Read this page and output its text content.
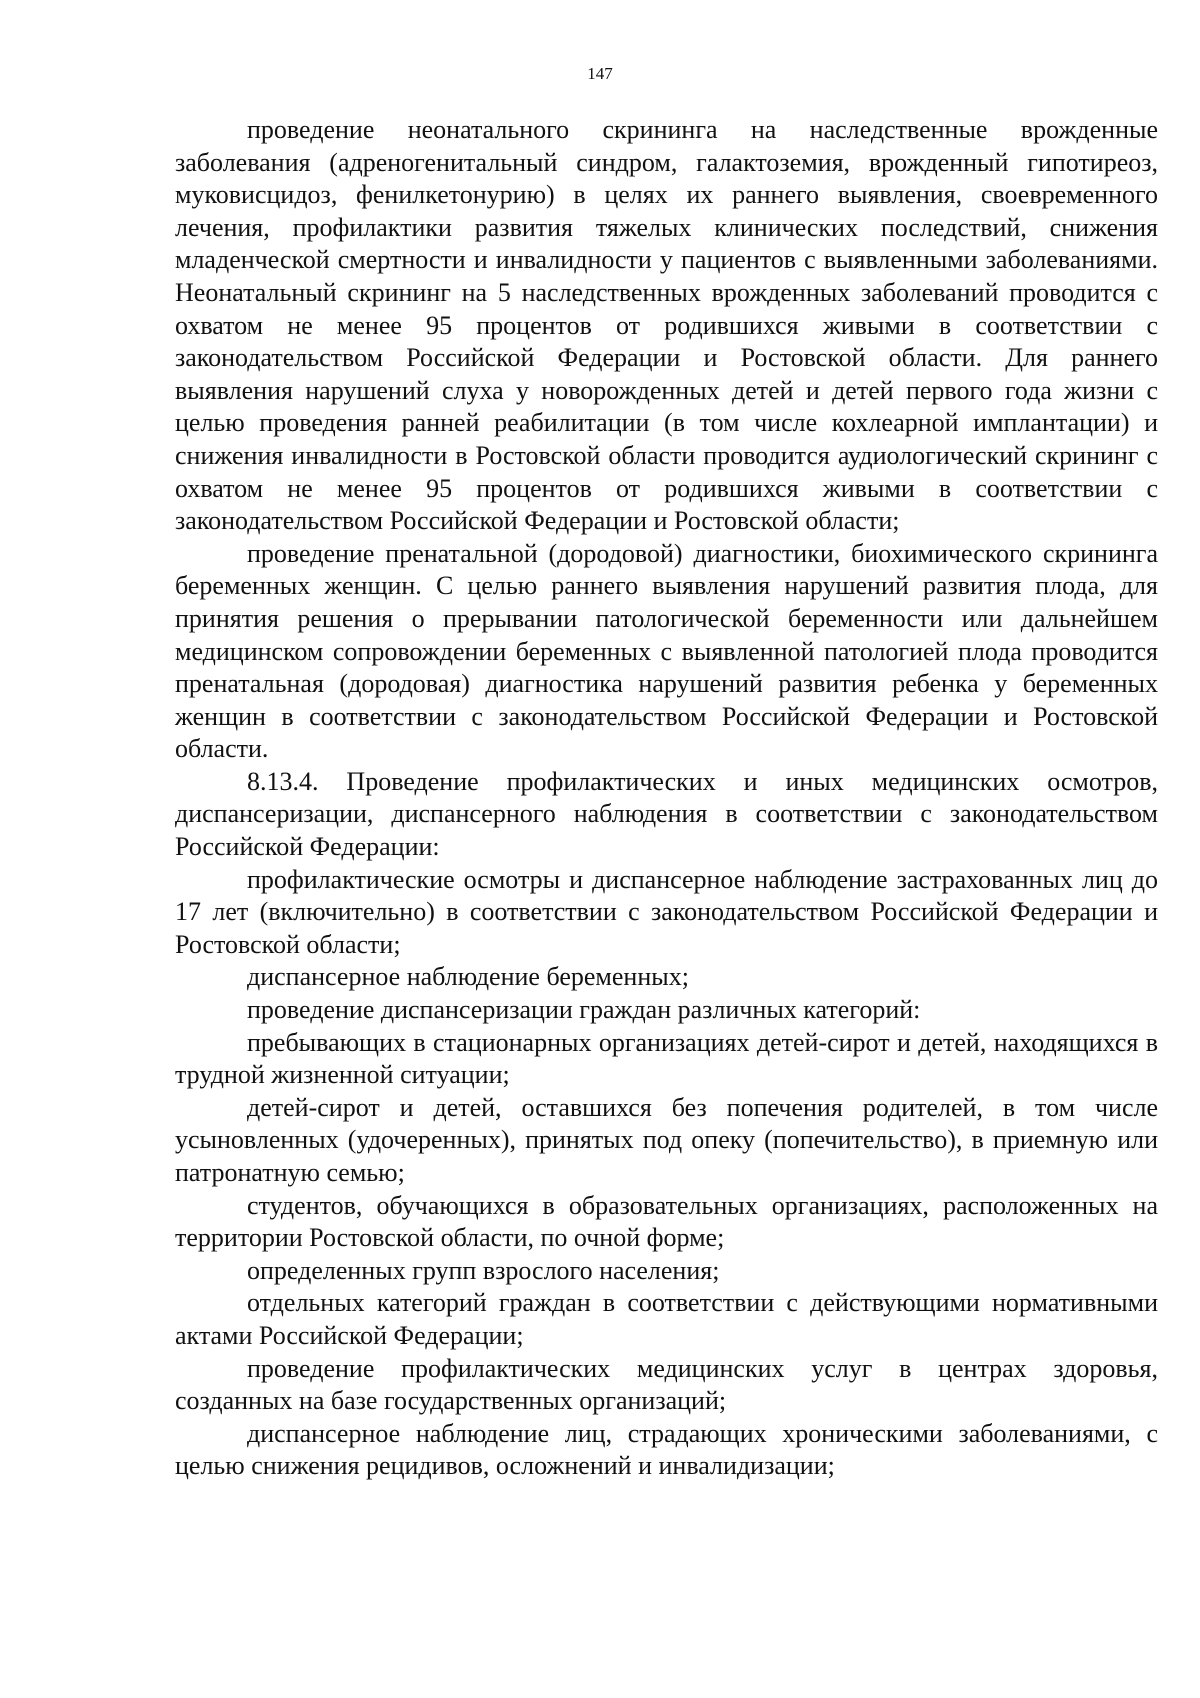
147

проведение неонатального скрининга на наследственные врожденные заболевания (адреногенитальный синдром, галактоземия, врожденный гипотиреоз, муковисцидоз, фенилкетонурию) в целях их раннего выявления, своевременного лечения, профилактики развития тяжелых клинических последствий, снижения младенческой смертности и инвалидности у пациентов с выявленными заболеваниями. Неонатальный скрининг на 5 наследственных врожденных заболеваний проводится с охватом не менее 95 процентов от родившихся живыми в соответствии с законодательством Российской Федерации и Ростовской области. Для раннего выявления нарушений слуха у новорожденных детей и детей первого года жизни с целью проведения ранней реабилитации (в том числе кохлеарной имплантации) и снижения инвалидности в Ростовской области проводится аудиологический скрининг с охватом не менее 95 процентов от родившихся живыми в соответствии с законодательством Российской Федерации и Ростовской области;

проведение пренатальной (дородовой) диагностики, биохимического скрининга беременных женщин. С целью раннего выявления нарушений развития плода, для принятия решения о прерывании патологической беременности или дальнейшем медицинском сопровождении беременных с выявленной патологией плода проводится пренатальная (дородовая) диагностика нарушений развития ребенка у беременных женщин в соответствии с законодательством Российской Федерации и Ростовской области.

8.13.4. Проведение профилактических и иных медицинских осмотров, диспансеризации, диспансерного наблюдения в соответствии с законодательством Российской Федерации:

профилактические осмотры и диспансерное наблюдение застрахованных лиц до 17 лет (включительно) в соответствии с законодательством Российской Федерации и Ростовской области;

диспансерное наблюдение беременных;

проведение диспансеризации граждан различных категорий:

пребывающих в стационарных организациях детей-сирот и детей, находящихся в трудной жизненной ситуации;

детей-сирот и детей, оставшихся без попечения родителей, в том числе усыновленных (удочеренных), принятых под опеку (попечительство), в приемную или патронатную семью;

студентов, обучающихся в образовательных организациях, расположенных на территории Ростовской области, по очной форме;

определенных групп взрослого населения;

отдельных категорий граждан в соответствии с действующими нормативными актами Российской Федерации;

проведение профилактических медицинских услуг в центрах здоровья, созданных на базе государственных организаций;

диспансерное наблюдение лиц, страдающих хроническими заболеваниями, с целью снижения рецидивов, осложнений и инвалидизации;
